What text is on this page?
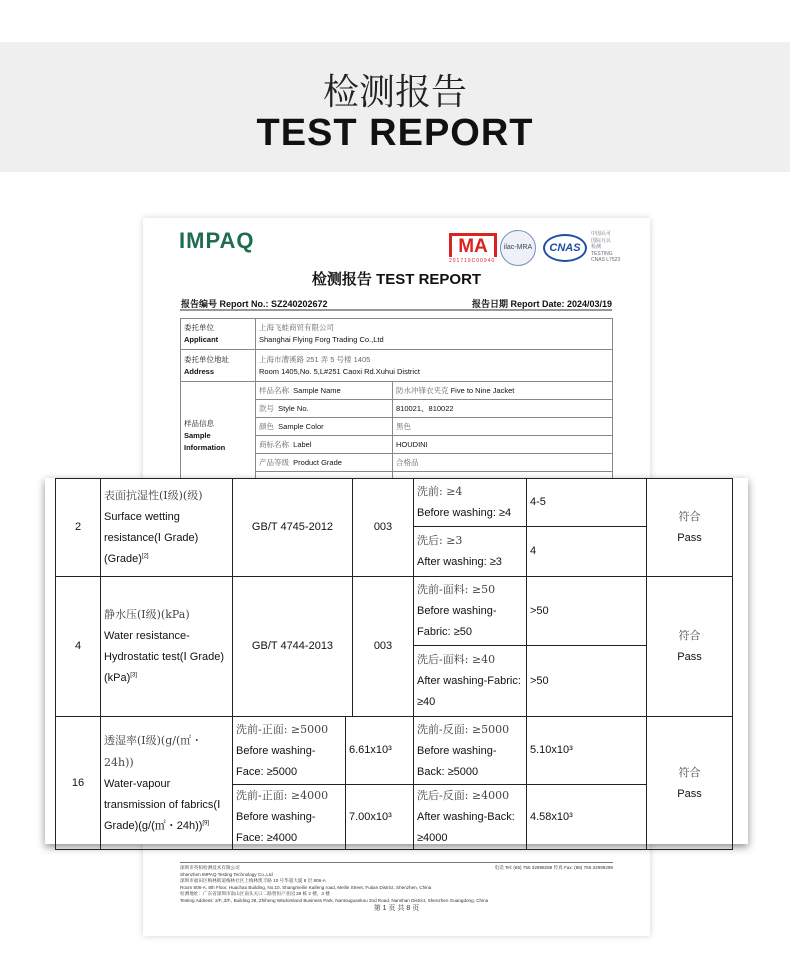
检测报告
TEST REPORT
IMPAQ	MA
201719C00940
ilac-MRA	CNAS
中国认可
国际互认
检测
TESTING
CNAS L7523
检测报告 TEST REPORT
报告编号 Report No.: SZ240202672	报告日期 Report Date: 2024/03/19
委托单位
Applicant	上海飞蛙商贸有限公司
Shanghai Flying Forg Trading Co.,Ltd	
委托单位地址
Address	上海市漕溪路 251 弄 5 号楼 1405
Room 1405,No. 5,L#251 Caoxi Rd.Xuhui District	
样品信息
Sample
Information	样品名称 Sample Name	防水冲锋衣夹克 Five to Nine Jacket
	款号 Style No.	810021、810022
	颜色 Sample Color	黑色
	商标名称 Label	HOUDINI
	产品等级 Product Grade	合格品

深圳市英柏检测技术有限公司	电话 Tel: (86) 755 32998288 传真 Fax: (86) 755 32998299
Shenzhen IMPAQ Testing Technology Co.,Ltd
深圳市福田区梅林街道梅林社区上梅林凯丰路 10 号华超大厦 8 层 806-A
Room 806-A, 8th Floor, Huachao Building, No.10, Shangmeilin Kaifeng road, Meilin Street, Futian District, Shenzhen, China
检测地址：广东省深圳市南山区南头关口二路智恒产业园 28 栋 2 楼、3 楼
Testing Address: 2/F.,3/F., Building 28, Zhiheng Wisdomland Business Park, Nantouguankou 2nd Road, Nanshan District, Shenzhen Guangdong, China
第 1 页 共 8 页
2	表面抗湿性(Ⅰ级)(级)
Surface wetting resistance(Ⅰ Grade)(Grade)[2]	GB/T 4745-2012		003	洗前: ≥4
Before washing: ≥4	4-5	符合
Pass
					洗后: ≥3
After washing: ≥3	4	
4	静水压(Ⅰ级)(kPa)
Water resistance-Hydrostatic test(Ⅰ Grade)(kPa)[3]	GB/T 4744-2013		003	洗前-面料: ≥50
Before washing-Fabric: ≥50	>50	符合
Pass
					洗后-面料: ≥40
After washing-Fabric: ≥40	>50	
16	透湿率(Ⅰ级)(g/(㎡・24h))
Water-vapour transmission of fabrics(Ⅰ Grade)(g/(㎡・24h))[9]	洗前-正面: ≥5000
Before washing-Face: ≥5000	6.61x10³		洗前-反面: ≥5000
Before washing-Back: ≥5000	5.10x10³	符合
Pass
		洗前-正面: ≥4000
Before washing-Face: ≥4000	7.00x10³		洗后-反面: ≥4000
After washing-Back: ≥4000	4.58x10³	
